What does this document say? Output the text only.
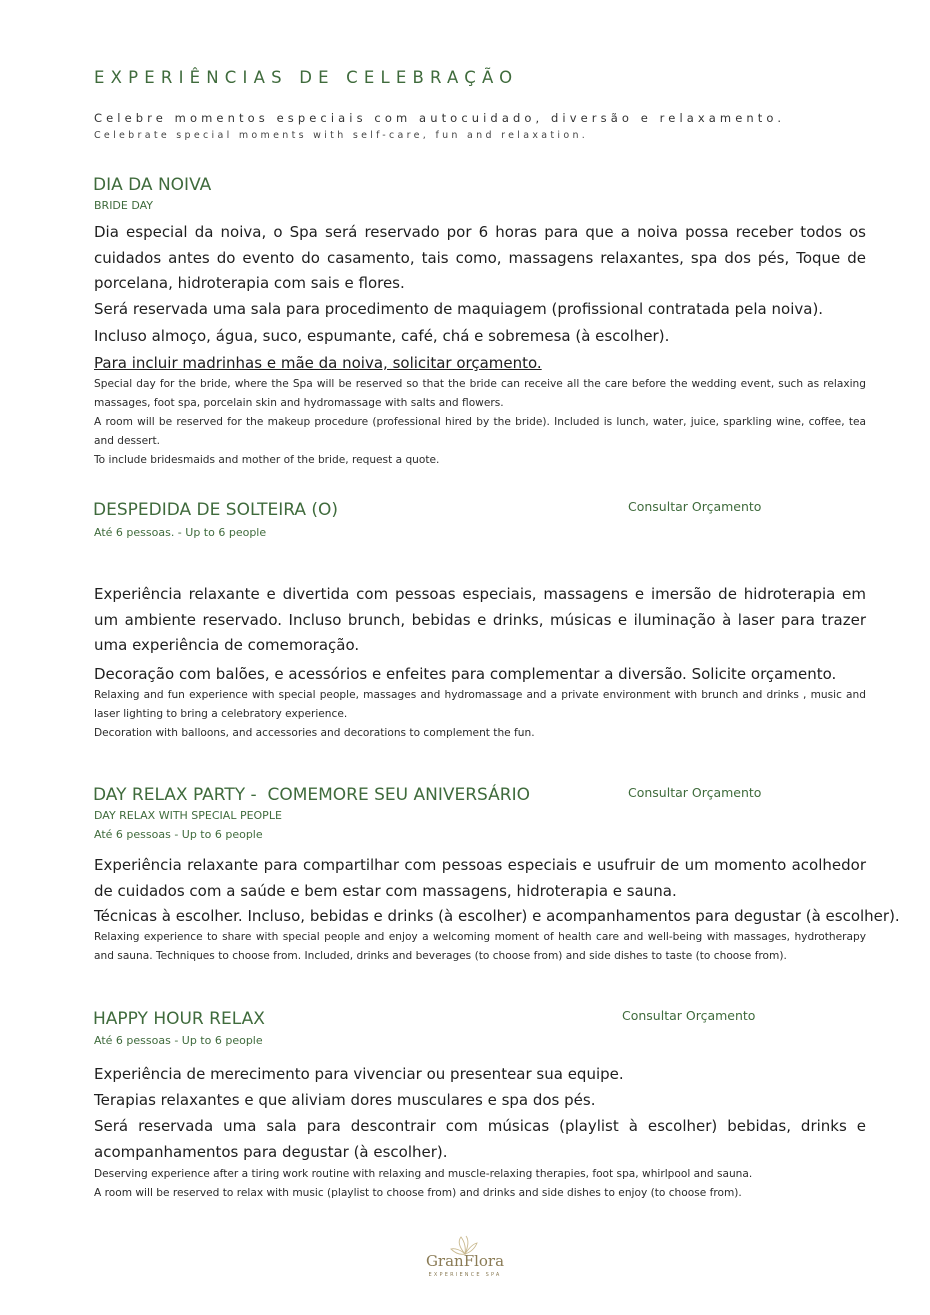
EXPERIÊNCIAS DE CELEBRAÇÃO
Celebre momentos especiais com autocuidado, diversão e relaxamento.
Celebrate special moments with self-care, fun and relaxation.
DIA DA NOIVA
BRIDE DAY

Dia especial da noiva, o Spa será reservado por 6 horas para que a noiva possa receber todos os cuidados antes do evento do casamento, tais como, massagens relaxantes, spa dos pés, Toque de porcelana, hidroterapia com sais e flores.

Será reservada uma sala para procedimento de maquiagem (profissional contratada pela noiva).

Incluso almoço, água, suco, espumante, café, chá e sobremesa (à escolher).

Para incluir madrinhas e mãe da noiva, solicitar orçamento.

Special day for the bride, where the Spa will be reserved so that the bride can receive all the care before the wedding event, such as relaxing massages, foot spa, porcelain skin and hydromassage with salts and flowers.

A room will be reserved for the makeup procedure (professional hired by the bride). Included is lunch, water, juice, sparkling wine, coffee, tea and dessert.

To include bridesmaids and mother of the bride, request a quote.

DESPEDIDA DE SOLTEIRA (O)	Consultar Orçamento
Até 6 pessoas. - Up to 6 people

Experiência relaxante e divertida com pessoas especiais, massagens e imersão de hidroterapia em um ambiente reservado. Incluso brunch, bebidas e drinks, músicas e iluminação à laser para trazer uma experiência de comemoração.

Decoração com balões, e acessórios e enfeites para complementar a diversão. Solicite orçamento.

Relaxing and fun experience with special people, massages and hydromassage and a private environment with brunch and drinks , music and laser lighting to bring a celebratory experience.

Decoration with balloons, and accessories and decorations to complement the fun.

DAY RELAX PARTY -  COMEMORE SEU ANIVERSÁRIO	Consultar Orçamento
DAY RELAX WITH SPECIAL PEOPLE
Até 6 pessoas - Up to 6 people

Experiência relaxante para compartilhar com pessoas especiais e usufruir de um momento acolhedor de cuidados com a saúde e bem estar com massagens, hidroterapia e sauna.

Técnicas à escolher. Incluso, bebidas e drinks (à escolher) e acompanhamentos para degustar (à escolher).

Relaxing experience to share with special people and enjoy a welcoming moment of health care and well-being with massages, hydrotherapy and sauna. Techniques to choose from. Included, drinks and beverages (to choose from) and side dishes to taste (to choose from).

HAPPY HOUR RELAX	Consultar Orçamento
Até 6 pessoas - Up to 6 people

Experiência de merecimento para vivenciar ou presentear sua equipe.

Terapias relaxantes e que aliviam dores musculares e spa dos pés.

Será reservada uma sala para descontrair com músicas (playlist à escolher) bebidas, drinks e acompanhamentos para degustar (à escolher).

Deserving experience after a tiring work routine with relaxing and muscle-relaxing therapies, foot spa, whirlpool and sauna.

A room will be reserved to relax with music (playlist to choose from) and drinks and side dishes to enjoy (to choose from).

GranFlora
EXPERIENCE SPA
